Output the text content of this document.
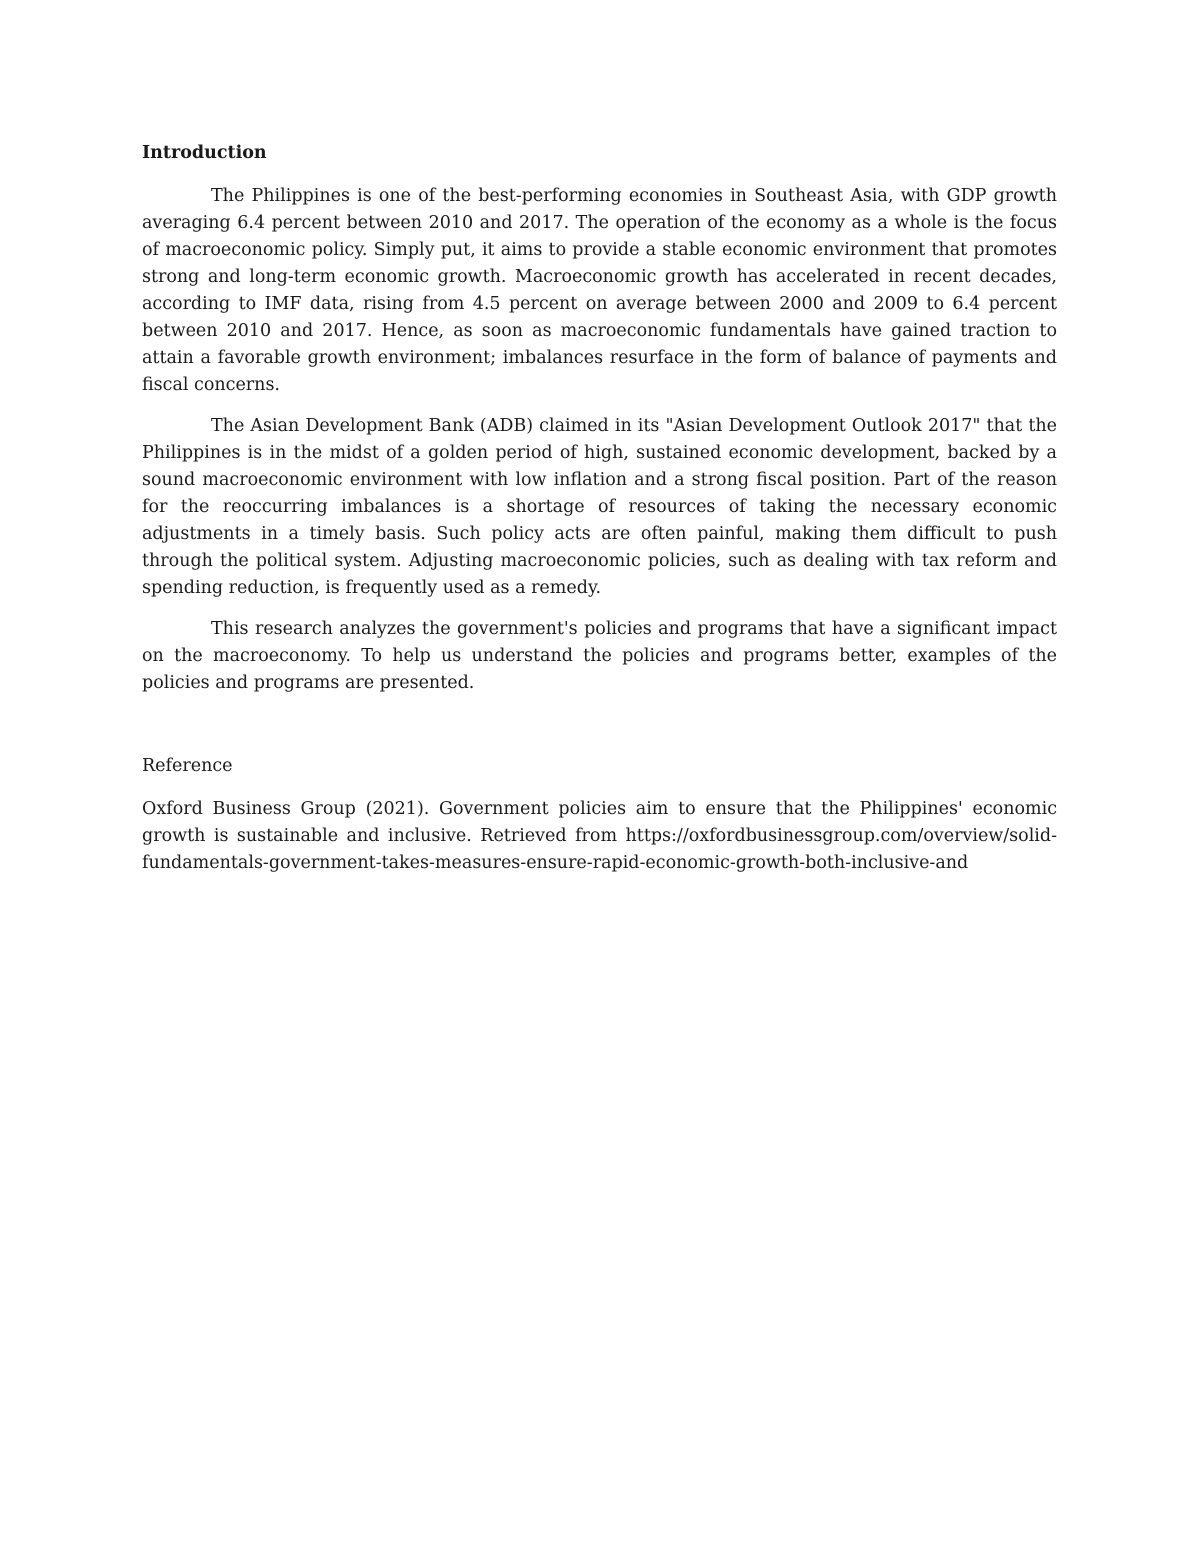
Introduction

The Philippines is one of the best-performing economies in Southeast Asia, with GDP growth averaging 6.4 percent between 2010 and 2017. The operation of the economy as a whole is the focus of macroeconomic policy. Simply put, it aims to provide a stable economic environment that promotes strong and long-term economic growth. Macroeconomic growth has accelerated in recent decades, according to IMF data, rising from 4.5 percent on average between 2000 and 2009 to 6.4 percent between 2010 and 2017. Hence, as soon as macroeconomic fundamentals have gained traction to attain a favorable growth environment; imbalances resurface in the form of balance of payments and fiscal concerns.

The Asian Development Bank (ADB) claimed in its "Asian Development Outlook 2017" that the Philippines is in the midst of a golden period of high, sustained economic development, backed by a sound macroeconomic environment with low inflation and a strong fiscal position. Part of the reason for the reoccurring imbalances is a shortage of resources of taking the necessary economic adjustments in a timely basis. Such policy acts are often painful, making them difficult to push through the political system. Adjusting macroeconomic policies, such as dealing with tax reform and spending reduction, is frequently used as a remedy.

This research analyzes the government's policies and programs that have a significant impact on the macroeconomy. To help us understand the policies and programs better, examples of the policies and programs are presented.

Reference

Oxford Business Group (2021). Government policies aim to ensure that the Philippines' economic growth is sustainable and inclusive. Retrieved from https://oxfordbusinessgroup.com/overview/solid-fundamentals-government-takes-measures-ensure-rapid-economic-growth-both-inclusive-and
